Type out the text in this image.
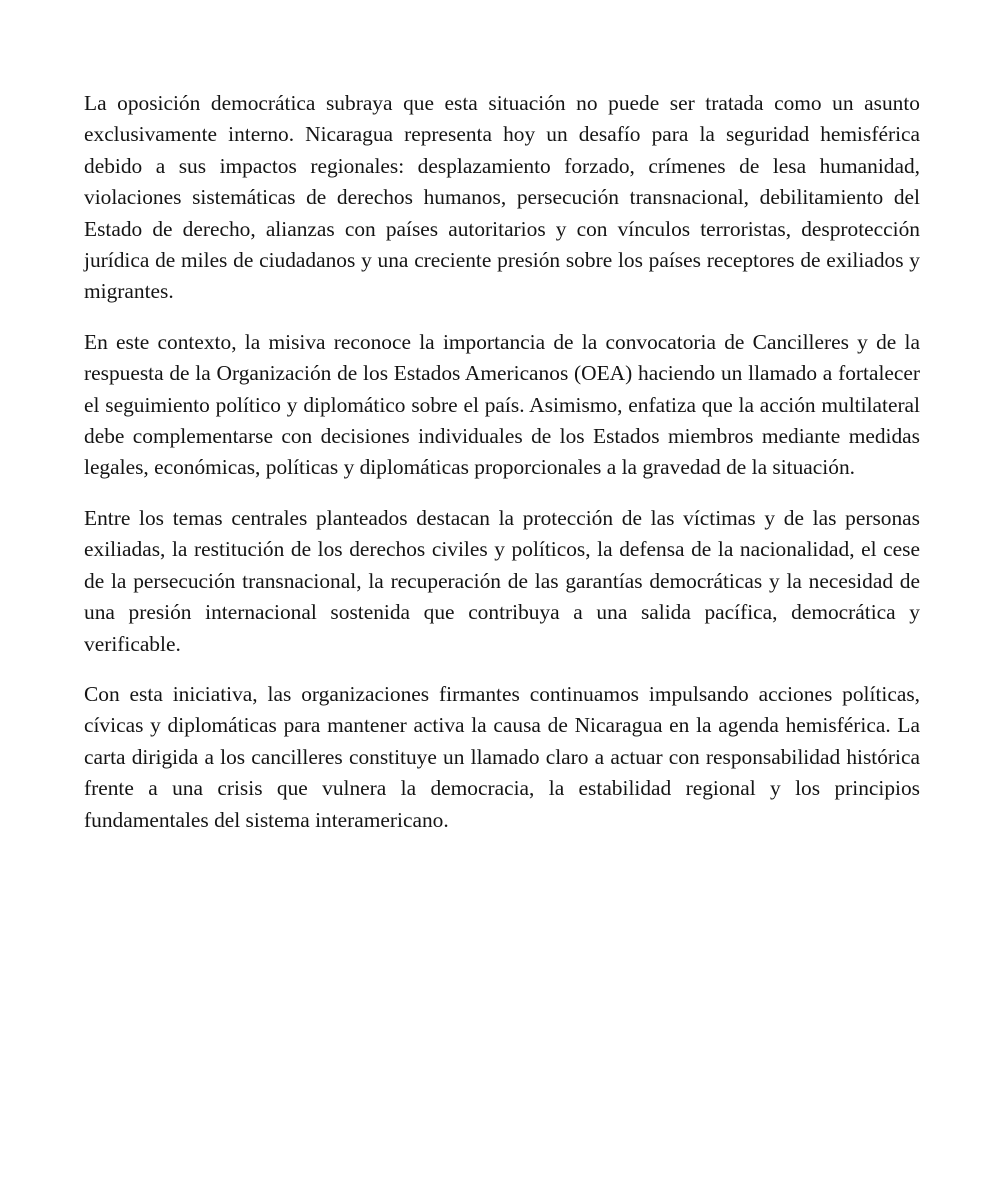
La oposición democrática subraya que esta situación no puede ser tratada como un asunto exclusivamente interno. Nicaragua representa hoy un desafío para la seguridad hemisférica debido a sus impactos regionales: desplazamiento forzado, crímenes de lesa humanidad, violaciones sistemáticas de derechos humanos, persecución transnacional, debilitamiento del Estado de derecho, alianzas con países autoritarios y con vínculos terroristas, desprotección jurídica de miles de ciudadanos y una creciente presión sobre los países receptores de exiliados y migrantes.

En este contexto, la misiva reconoce la importancia de la convocatoria de Cancilleres y de la respuesta de la Organización de los Estados Americanos (OEA) haciendo un llamado a fortalecer el seguimiento político y diplomático sobre el país. Asimismo, enfatiza que la acción multilateral debe complementarse con decisiones individuales de los Estados miembros mediante medidas legales, económicas, políticas y diplomáticas proporcionales a la gravedad de la situación.

Entre los temas centrales planteados destacan la protección de las víctimas y de las personas exiliadas, la restitución de los derechos civiles y políticos, la defensa de la nacionalidad, el cese de la persecución transnacional, la recuperación de las garantías democráticas y la necesidad de una presión internacional sostenida que contribuya a una salida pacífica, democrática y verificable.

Con esta iniciativa, las organizaciones firmantes continuamos impulsando acciones políticas, cívicas y diplomáticas para mantener activa la causa de Nicaragua en la agenda hemisférica. La carta dirigida a los cancilleres constituye un llamado claro a actuar con responsabilidad histórica frente a una crisis que vulnera la democracia, la estabilidad regional y los principios fundamentales del sistema interamericano.
